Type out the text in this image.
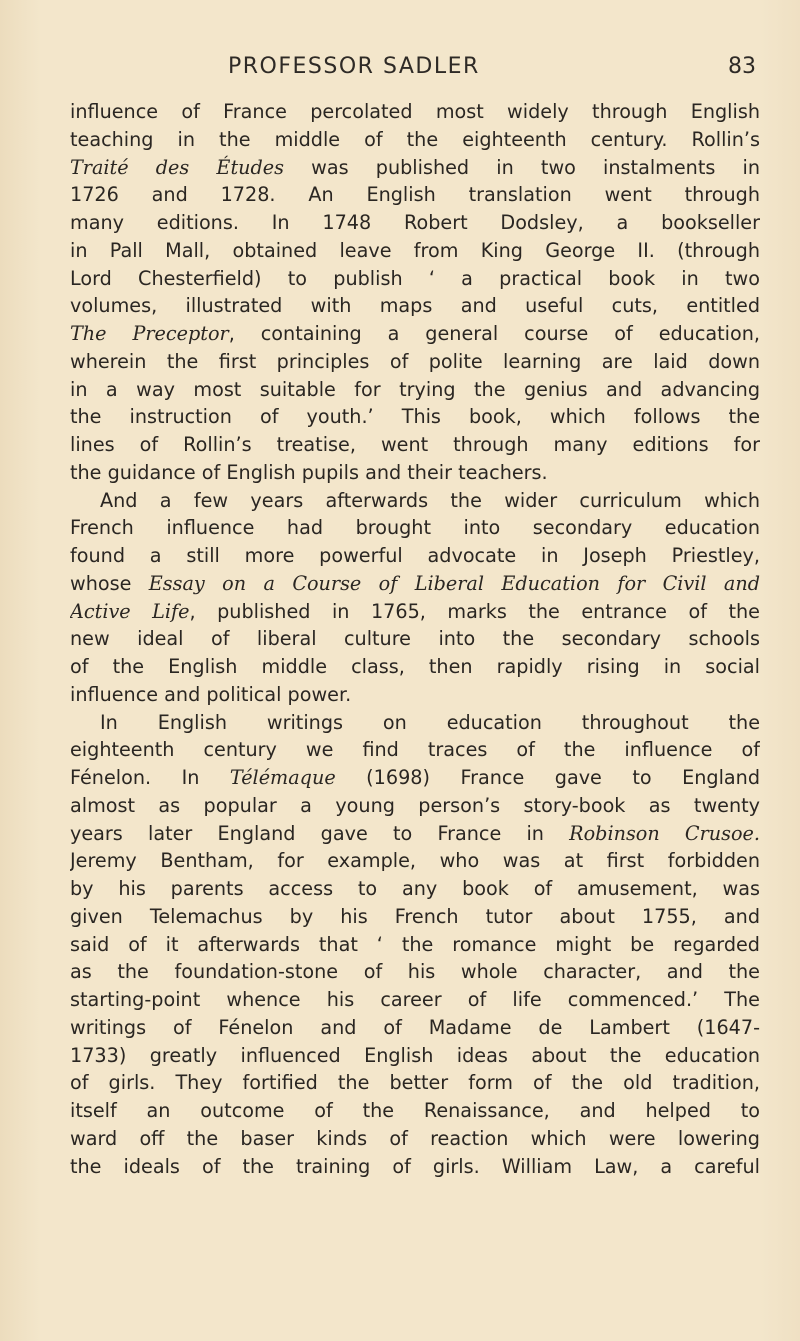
PROFESSOR SADLER	83
influence of France percolated most widely through English
teaching in the middle of the eighteenth century. Rollin’s
Traité des Études was published in two instalments in
1726 and 1728. An English translation went through
many editions. In 1748 Robert Dodsley, a bookseller
in Pall Mall, obtained leave from King George II. (through
Lord Chesterfield) to publish ‘ a practical book in two
volumes, illustrated with maps and useful cuts, entitled
The Preceptor, containing a general course of education,
wherein the first principles of polite learning are laid down
in a way most suitable for trying the genius and advancing
the instruction of youth.’ This book, which follows the
lines of Rollin’s treatise, went through many editions for
the guidance of English pupils and their teachers.
And a few years afterwards the wider curriculum which
French influence had brought into secondary education
found a still more powerful advocate in Joseph Priestley,
whose Essay on a Course of Liberal Education for Civil and
Active Life, published in 1765, marks the entrance of the
new ideal of liberal culture into the secondary schools
of the English middle class, then rapidly rising in social
influence and political power.
In English writings on education throughout the
eighteenth century we find traces of the influence of
Fénelon. In Télémaque (1698) France gave to England
almost as popular a young person’s story-book as twenty
years later England gave to France in Robinson Crusoe.
Jeremy Bentham, for example, who was at first forbidden
by his parents access to any book of amusement, was
given Telemachus by his French tutor about 1755, and
said of it afterwards that ‘ the romance might be regarded
as the foundation-stone of his whole character, and the
starting-point whence his career of life commenced.’ The
writings of Fénelon and of Madame de Lambert (1647-
1733) greatly influenced English ideas about the education
of girls. They fortified the better form of the old tradition,
itself an outcome of the Renaissance, and helped to
ward off the baser kinds of reaction which were lowering
the ideals of the training of girls. William Law, a careful
